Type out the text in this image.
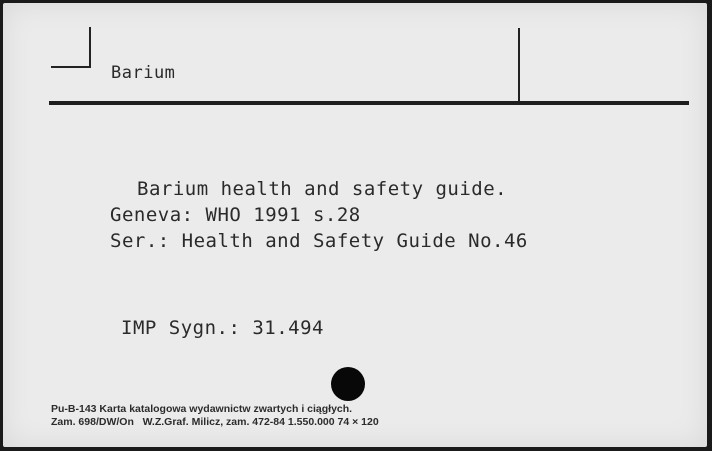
Barium
Barium health and safety guide.
Geneva: WHO 1991 s.28
Ser.: Health and Safety Guide No.46
IMP Sygn.: 31.494
Pu-B-143 Karta katalogowa wydawnictw zwartych i ciągłych.
Zam. 698/DW/On   W.Z.Graf. Milicz, zam. 472-84 1.550.000 74 × 120
